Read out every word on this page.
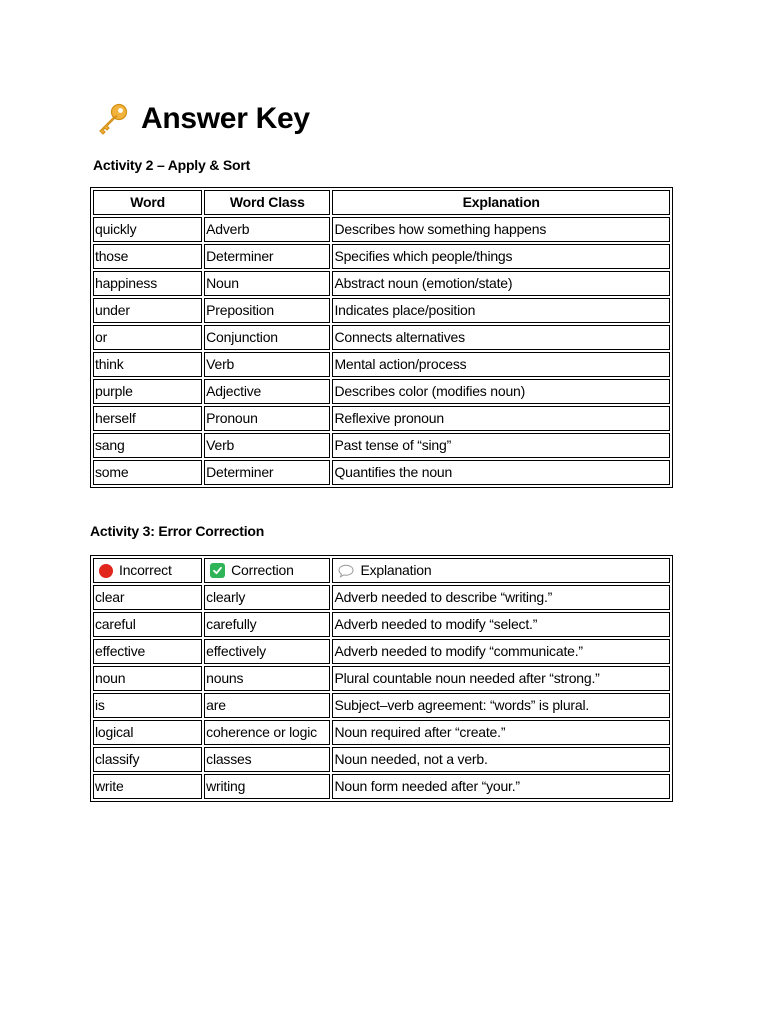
Answer Key
Activity 2 – Apply & Sort
Word	Word Class	Explanation
quickly	Adverb	Describes how something happens
those	Determiner	Specifies which people/things
happiness	Noun	Abstract noun (emotion/state)
under	Preposition	Indicates place/position
or	Conjunction	Connects alternatives
think	Verb	Mental action/process
purple	Adjective	Describes color (modifies noun)
herself	Pronoun	Reflexive pronoun
sang	Verb	Past tense of “sing”
some	Determiner	Quantifies the noun
Activity 3: Error Correction
Incorrect	Correction	Explanation

clear	clearly	Adverb needed to describe “writing.”
careful	carefully	Adverb needed to modify “select.”
effective	effectively	Adverb needed to modify “communicate.”
noun	nouns	Plural countable noun needed after “strong.”
is	are	Subject–verb agreement: “words” is plural.
logical	coherence or logic	Noun required after “create.”
classify	classes	Noun needed, not a verb.
write	writing	Noun form needed after “your.”
